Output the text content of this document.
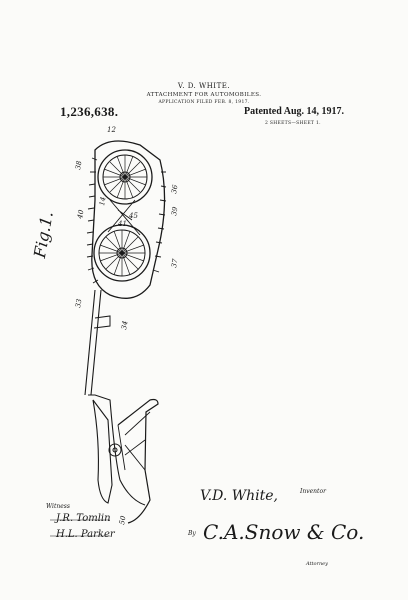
V. D. WHITE.
ATTACHMENT FOR AUTOMOBILES.
APPLICATION FILED FEB. 8, 1917.
1,236,638.	Patented Aug. 14, 1917.
2 SHEETS—SHEET 1.
12
38
14
40	45
41
36
39
37
33
34
50
Fig.1.
Witness
J.R. Tomlin
H.L. Parker
Inventor
V.D. White,
By C.A.Snow & Co.
Attorney
